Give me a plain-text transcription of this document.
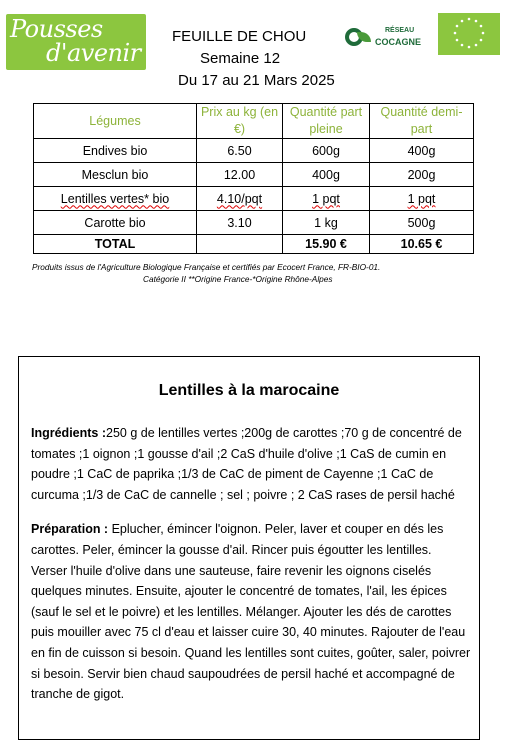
Pousses
d'avenir
FEUILLE DE CHOU
Semaine 12
Du 17 au 21 Mars 2025
RÉSEAU
COCAGNE
Légumes	Prix au kg (en €)	Quantité part pleine	Quantité demi-part
Endives bio	6.50	600g	400g
Mesclun bio	12.00	400g	200g
Lentilles vertes* bio	4.10/pqt	1 pqt	1 pqt
Carotte bio	3.10	1 kg	500g
TOTAL		15.90 €	10.65 €
Produits issus de l'Agriculture Biologique Française et certifiés par Ecocert France, FR-BIO-01.
Catégorie II **Origine France-*Origine Rhône-Alpes
Lentilles à la marocaine

Ingrédients :250 g de lentilles vertes ;200g de carottes ;70 g de concentré de tomates ;1 oignon ;1 gousse d'ail ;2 CaS d'huile d'olive ;1 CaS de cumin en poudre ;1 CaC de paprika ;1/3 de CaC de piment de Cayenne ;1 CaC de curcuma ;1/3 de CaC de cannelle ; sel ; poivre ; 2 CaS rases de persil haché

Préparation : Eplucher, émincer l'oignon. Peler, laver et couper en dés les carottes. Peler, émincer la gousse d'ail. Rincer puis égoutter les lentilles. Verser l'huile d'olive dans une sauteuse, faire revenir les oignons ciselés quelques minutes. Ensuite, ajouter le concentré de tomates, l'ail, les épices (sauf le sel et le poivre) et les lentilles. Mélanger. Ajouter les dés de carottes puis mouiller avec 75 cl d'eau et laisser cuire 30, 40 minutes. Rajouter de l'eau en fin de cuisson si besoin. Quand les lentilles sont cuites, goûter, saler, poivrer si besoin. Servir bien chaud saupoudrées de persil haché et accompagné de tranche de gigot.
